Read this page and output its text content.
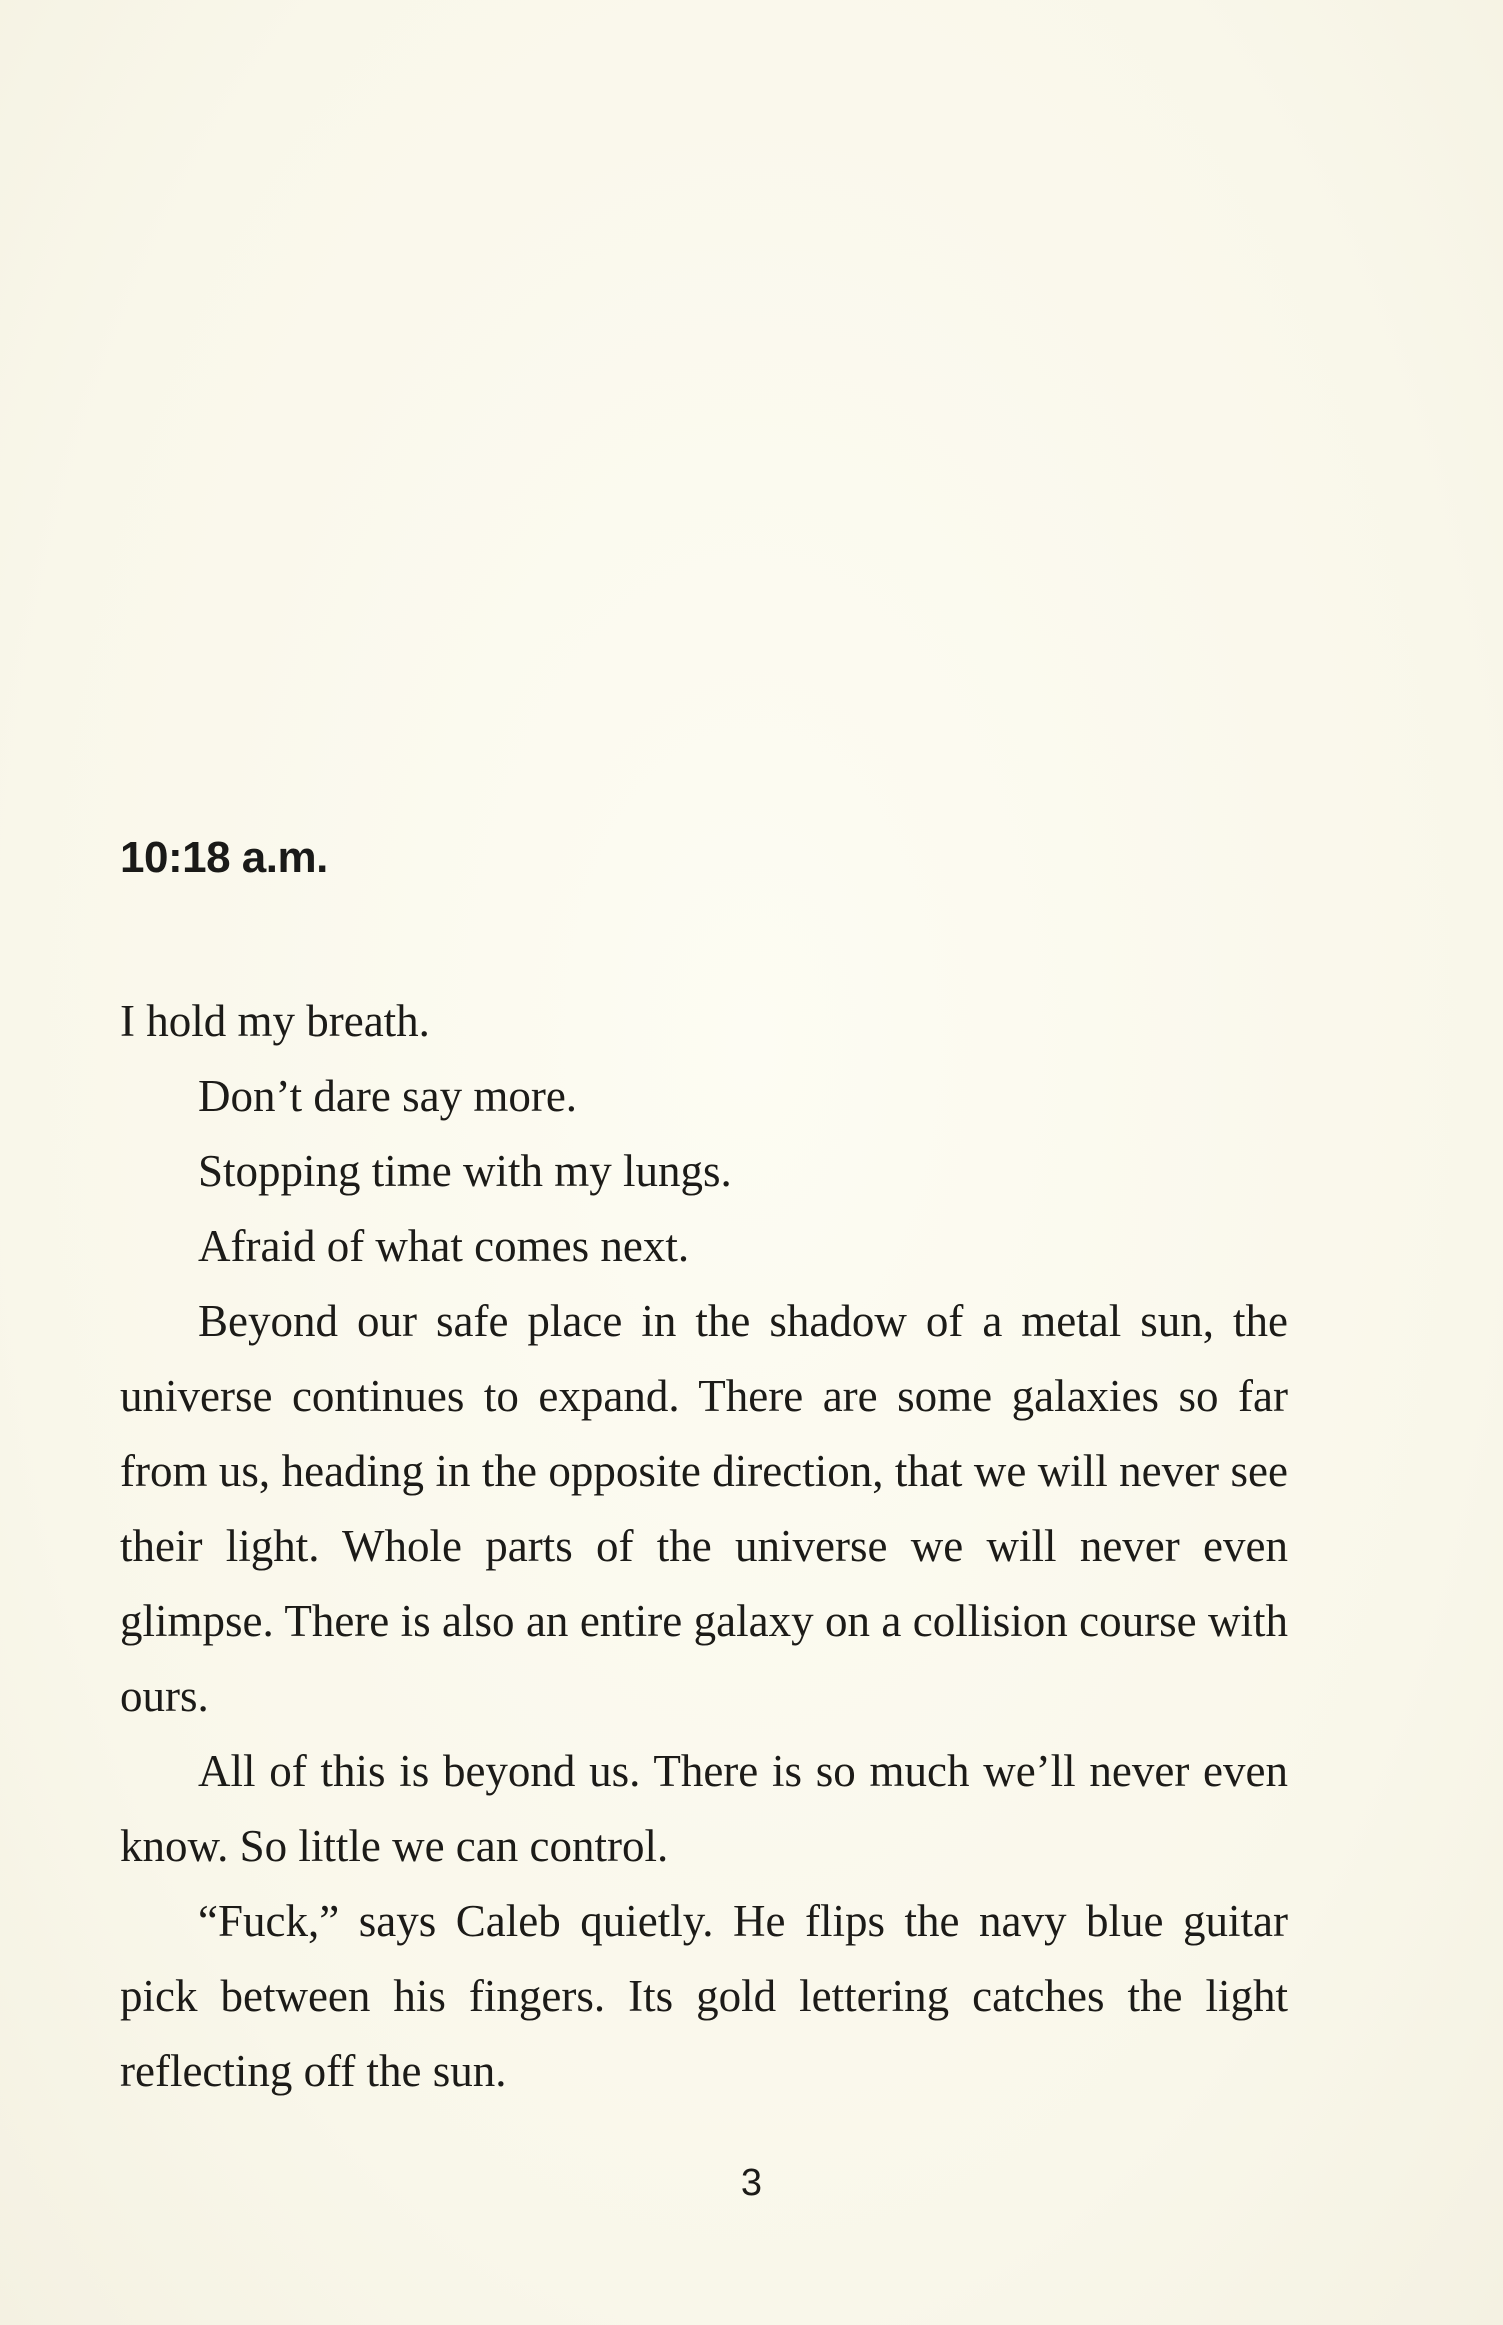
10:18 a.m.

I hold my breath.

Don’t dare say more.

Stopping time with my lungs.

Afraid of what comes next.

Beyond our safe place in the shadow of a metal sun, the universe continues to expand. There are some galaxies so far from us, heading in the opposite direction, that we will never see their light. Whole parts of the universe we will never even glimpse. There is also an entire galaxy on a collision course with ours.

All of this is beyond us. There is so much we’ll never even know. So little we can control.

“Fuck,” says Caleb quietly. He flips the navy blue guitar pick between his fingers. Its gold lettering catches the light reflecting off the sun.

3
